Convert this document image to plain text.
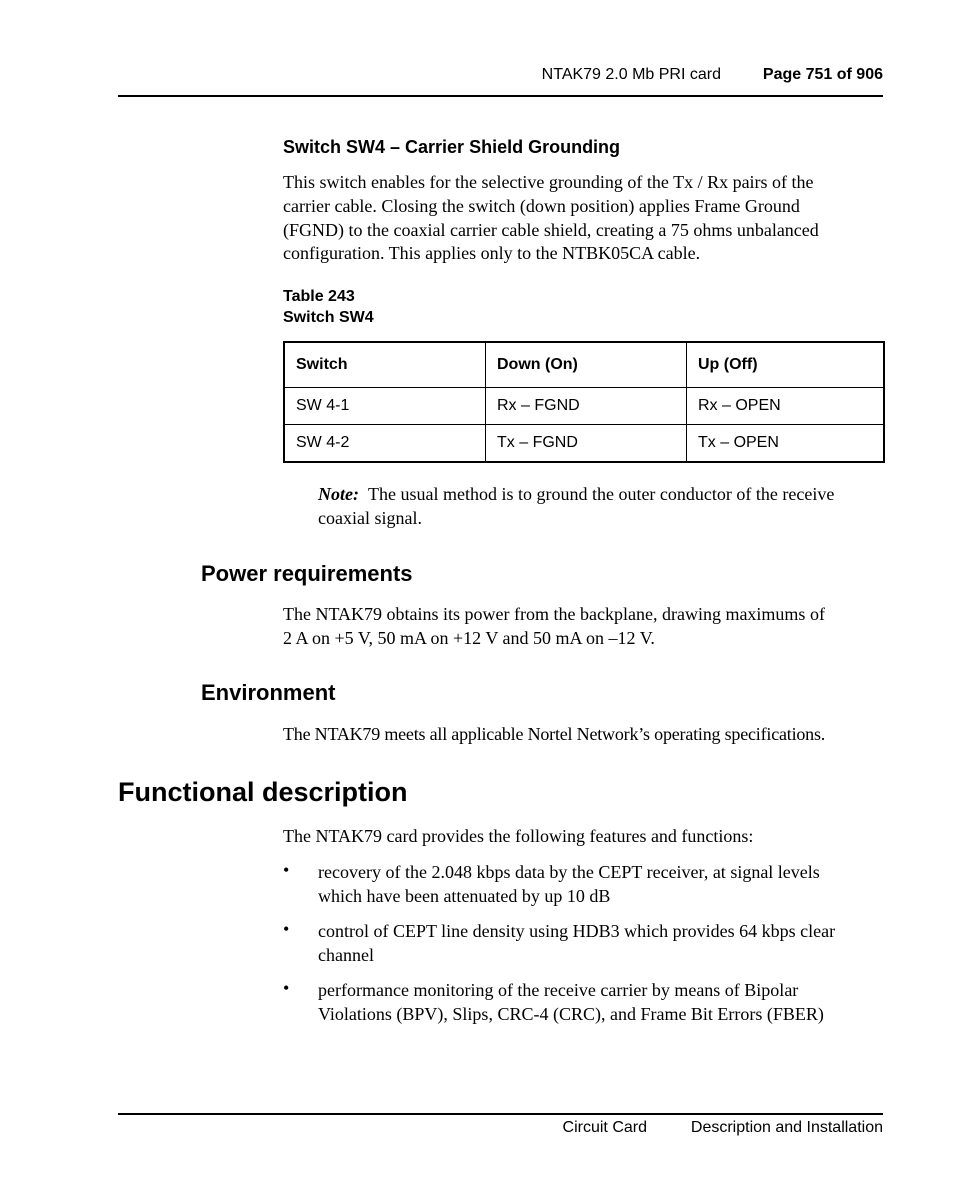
NTAK79 2.0 Mb PRI card	Page 751 of 906
Switch SW4 – Carrier Shield Grounding
This switch enables for the selective grounding of the Tx / Rx pairs of the
carrier cable. Closing the switch (down position) applies Frame Ground
(FGND) to the coaxial carrier cable shield, creating a 75 ohms unbalanced
configuration. This applies only to the NTBK05CA cable.
Table 243
Switch SW4
Switch	Down (On)	Up (Off)
SW 4-1	Rx – FGND	Rx – OPEN
SW 4-2	Tx – FGND	Tx – OPEN
Note: The usual method is to ground the outer conductor of the receive
coaxial signal.
Power requirements
The NTAK79 obtains its power from the backplane, drawing maximums of
2 A on +5 V, 50 mA on +12 V and 50 mA on –12 V.
Environment
The NTAK79 meets all applicable Nortel Network’s operating specifications.
Functional description
The NTAK79 card provides the following features and functions:
• recovery of the 2.048 kbps data by the CEPT receiver, at signal levels
which have been attenuated by up 10 dB
• control of CEPT line density using HDB3 which provides 64 kbps clear
channel
• performance monitoring of the receive carrier by means of Bipolar
Violations (BPV), Slips, CRC-4 (CRC), and Frame Bit Errors (FBER)
Circuit Card	Description and Installation
